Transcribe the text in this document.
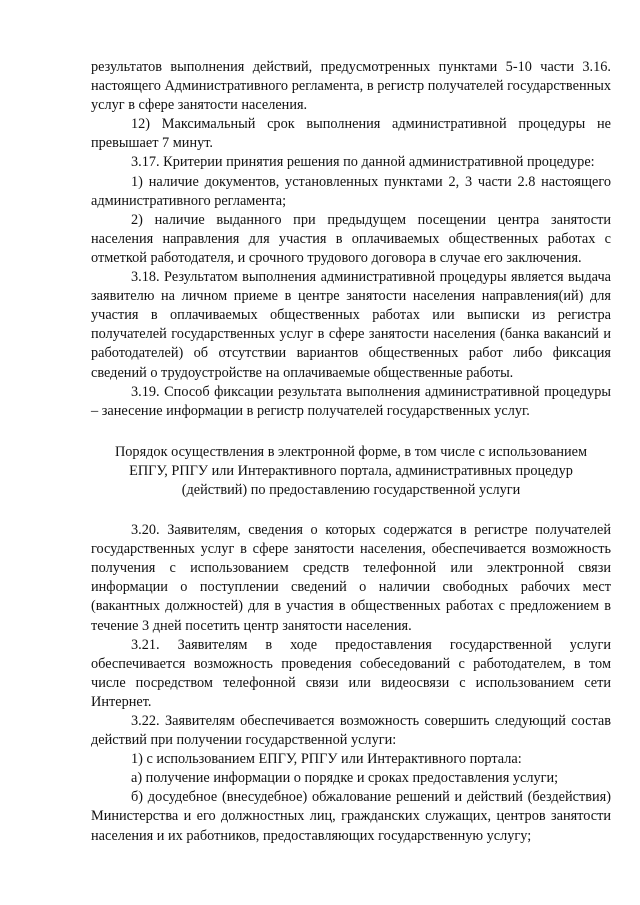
результатов выполнения действий, предусмотренных пунктами 5-10 части 3.16. настоящего Административного регламента, в регистр получателей государственных услуг в сфере занятости населения.

12) Максимальный срок выполнения административной процедуры не превышает 7 минут.

3.17. Критерии принятия решения по данной административной процедуре:

1) наличие документов, установленных пунктами 2, 3 части 2.8 настоящего административного регламента;

2) наличие выданного при предыдущем посещении центра занятости населения направления для участия в оплачиваемых общественных работах с отметкой работодателя, и срочного трудового договора в случае его заключения.

3.18. Результатом выполнения административной процедуры является выдача заявителю на личном приеме в центре занятости населения направления(ий) для участия в оплачиваемых общественных работах или выписки из регистра получателей государственных услуг в сфере занятости населения (банка вакансий и работодателей) об отсутствии вариантов общественных работ либо фиксация сведений о трудоустройстве на оплачиваемые общественные работы.

3.19. Способ фиксации результата выполнения административной процедуры – занесение информации в регистр получателей государственных услуг.

Порядок осуществления в электронной форме, в том числе с использованием
ЕПГУ, РПГУ или Интерактивного портала, административных процедур
(действий) по предоставлению государственной услуги

3.20. Заявителям, сведения о которых содержатся в регистре получателей государственных услуг в сфере занятости населения, обеспечивается возможность получения с использованием средств телефонной или электронной связи информации о поступлении сведений о наличии свободных рабочих мест (вакантных должностей) для в участия в общественных работах с предложением в течение 3 дней посетить центр занятости населения.

3.21. Заявителям в ходе предоставления государственной услуги обеспечивается возможность проведения собеседований с работодателем, в том числе посредством телефонной связи или видеосвязи с использованием сети Интернет.

3.22. Заявителям обеспечивается возможность совершить следующий состав действий при получении государственной услуги:

1) с использованием ЕПГУ, РПГУ или Интерактивного портала:

а) получение информации о порядке и сроках предоставления услуги;

б) досудебное (внесудебное) обжалование решений и действий (бездействия) Министерства и его должностных лиц, гражданских служащих, центров занятости населения и их работников, предоставляющих государственную услугу;
